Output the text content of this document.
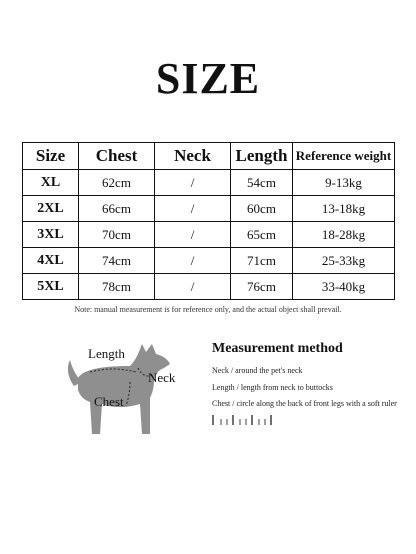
SIZE
Size	Chest	Neck	Length	Reference weight
XL	62cm	/	54cm	9-13kg
2XL	66cm	/	60cm	13-18kg
3XL	70cm	/	65cm	18-28kg
4XL	74cm	/	71cm	25-33kg
5XL	78cm	/	76cm	33-40kg
Note: manual measurement is for reference only, and the actual object shall prevail.
Length
Neck
Chest
Measurement method
Neck / around the pet's neck
Length / length from neck to buttocks
Chest / circle along the back of front legs with a soft ruler
